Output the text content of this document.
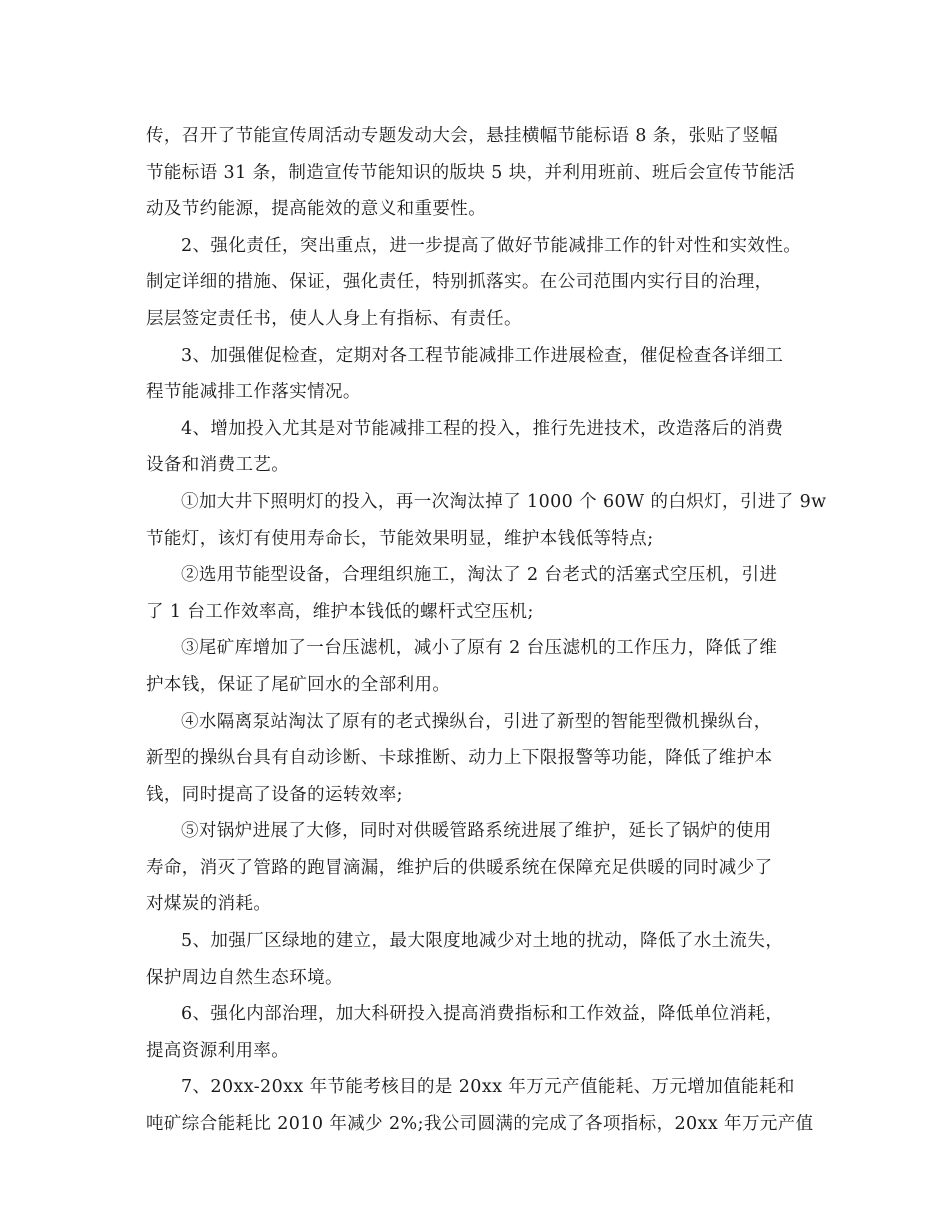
传，召开了节能宣传周活动专题发动大会，悬挂横幅节能标语 8 条，张贴了竖幅
节能标语 31 条，制造宣传节能知识的版块 5 块，并利用班前、班后会宣传节能活
动及节约能源，提高能效的意义和重要性。
2、强化责任，突出重点，进一步提高了做好节能减排工作的针对性和实效性。
制定详细的措施、保证，强化责任，特别抓落实。在公司范围内实行目的治理，
层层签定责任书，使人人身上有指标、有责任。
3、加强催促检查，定期对各工程节能减排工作进展检查，催促检查各详细工
程节能减排工作落实情况。
4、增加投入尤其是对节能减排工程的投入，推行先进技术，改造落后的消费
设备和消费工艺。
①加大井下照明灯的投入，再一次淘汰掉了 1000 个 60W 的白炽灯，引进了 9w
节能灯，该灯有使用寿命长，节能效果明显，维护本钱低等特点;
②选用节能型设备，合理组织施工，淘汰了 2 台老式的活塞式空压机，引进
了 1 台工作效率高，维护本钱低的螺杆式空压机;
③尾矿库增加了一台压滤机，减小了原有 2 台压滤机的工作压力，降低了维
护本钱，保证了尾矿回水的全部利用。
④水隔离泵站淘汰了原有的老式操纵台，引进了新型的智能型微机操纵台，
新型的操纵台具有自动诊断、卡球推断、动力上下限报警等功能，降低了维护本
钱，同时提高了设备的运转效率;
⑤对锅炉进展了大修，同时对供暖管路系统进展了维护，延长了锅炉的使用
寿命，消灭了管路的跑冒滴漏，维护后的供暖系统在保障充足供暖的同时减少了
对煤炭的消耗。
5、加强厂区绿地的建立，最大限度地减少对土地的扰动，降低了水土流失，
保护周边自然生态环境。
6、强化内部治理，加大科研投入提高消费指标和工作效益，降低单位消耗，
提高资源利用率。
7、20xx-20xx 年节能考核目的是 20xx 年万元产值能耗、万元增加值能耗和
吨矿综合能耗比 2010 年减少 2%;我公司圆满的完成了各项指标，20xx 年万元产值
